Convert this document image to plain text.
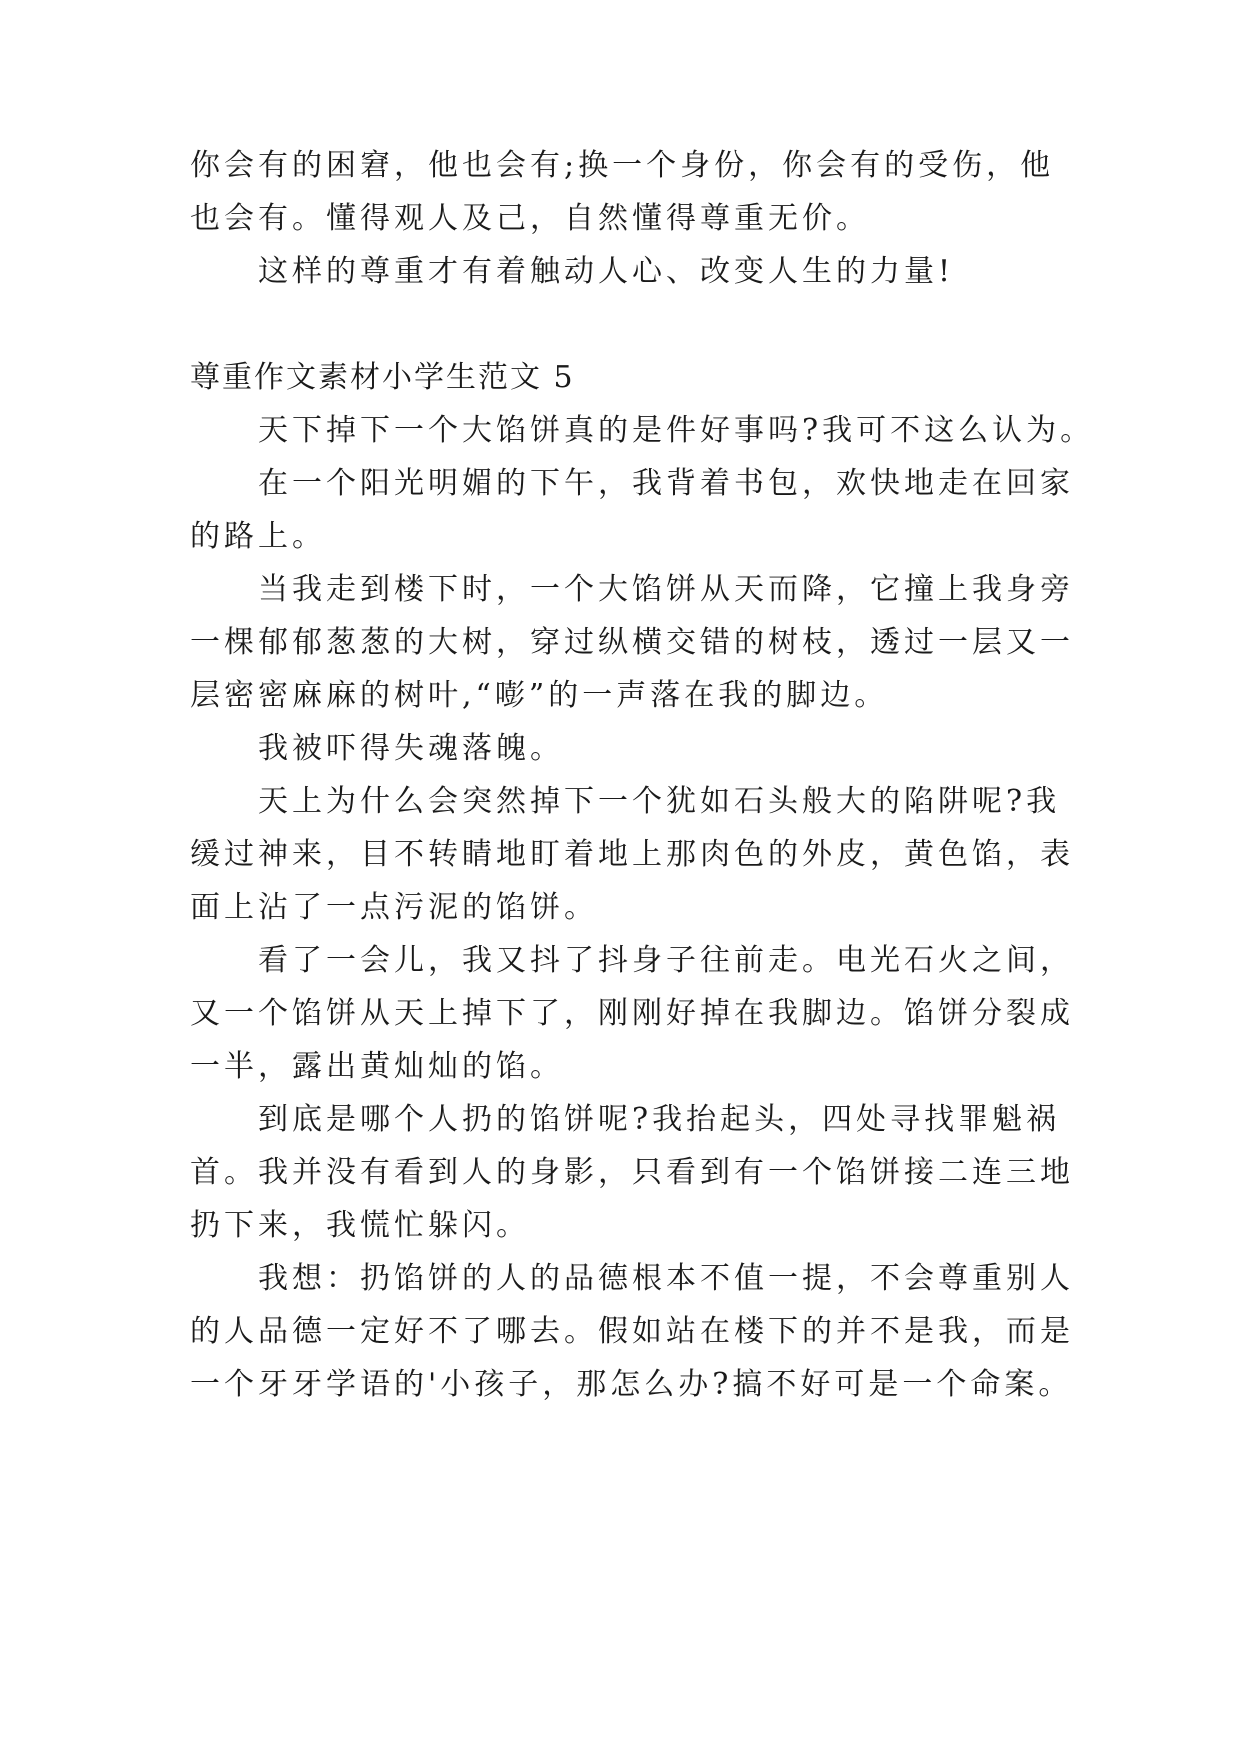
你会有的困窘，他也会有;换一个身份，你会有的受伤，他
也会有。懂得观人及己，自然懂得尊重无价。
这样的尊重才有着触动人心、改变人生的力量!
尊重作文素材小学生范文 5
天下掉下一个大馅饼真的是件好事吗?我可不这么认为。
在一个阳光明媚的下午，我背着书包，欢快地走在回家
的路上。
当我走到楼下时，一个大馅饼从天而降，它撞上我身旁
一棵郁郁葱葱的大树，穿过纵横交错的树枝，透过一层又一
层密密麻麻的树叶,“嘭”的一声落在我的脚边。
我被吓得失魂落魄。
天上为什么会突然掉下一个犹如石头般大的陷阱呢?我
缓过神来，目不转睛地盯着地上那肉色的外皮，黄色馅，表
面上沾了一点污泥的馅饼。
看了一会儿，我又抖了抖身子往前走。电光石火之间，
又一个馅饼从天上掉下了，刚刚好掉在我脚边。馅饼分裂成
一半，露出黄灿灿的馅。
到底是哪个人扔的馅饼呢?我抬起头，四处寻找罪魁祸
首。我并没有看到人的身影，只看到有一个馅饼接二连三地
扔下来，我慌忙躲闪。
我想：扔馅饼的人的品德根本不值一提，不会尊重别人
的人品德一定好不了哪去。假如站在楼下的并不是我，而是
一个牙牙学语的'小孩子，那怎么办?搞不好可是一个命案。
